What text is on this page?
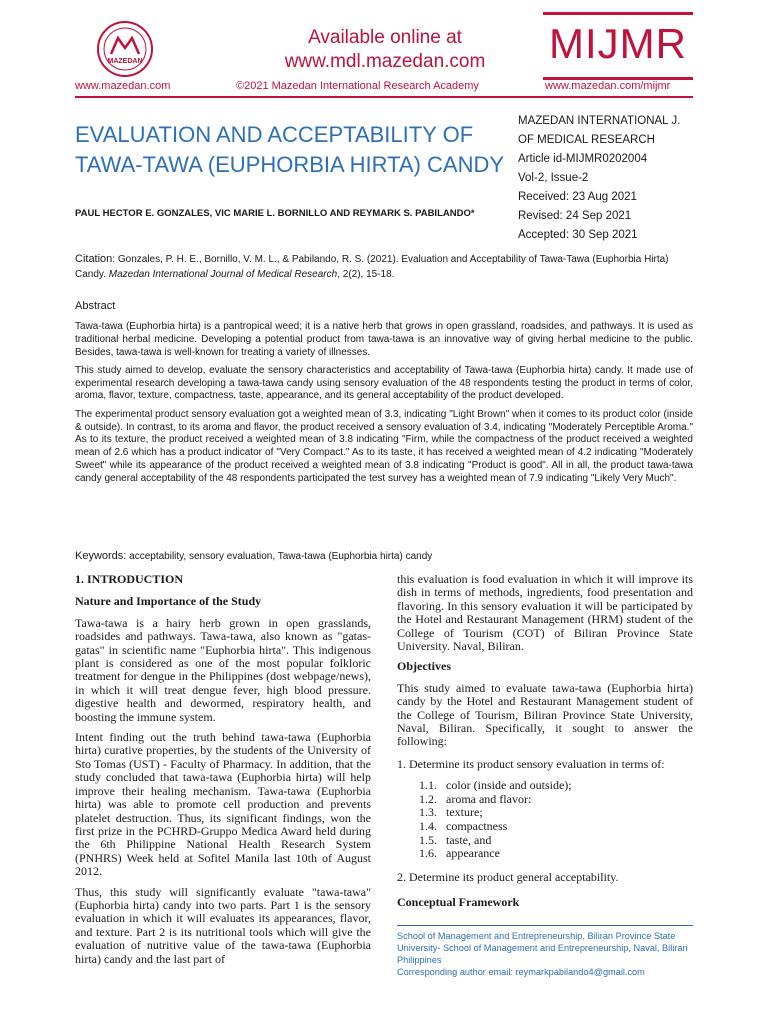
MAZEDAN
Available online at
www.mdl.mazedan.com	MIJMR
www.mazedan.com	©2021 Mazedan International Research Academy	www.mazedan.com/mijmr
EVALUATION AND ACCEPTABILITY OF TAWA-TAWA (EUPHORBIA HIRTA) CANDY
PAUL HECTOR E. GONZALES, VIC MARIE L. BORNILLO AND REYMARK S. PABILANDO*
MAZEDAN INTERNATIONAL J.
OF MEDICAL RESEARCH
Article id-MIJMR0202004
Vol-2, Issue-2
Received: 23 Aug 2021
Revised: 24 Sep 2021
Accepted: 30 Sep 2021
Citation: Gonzales, P. H. E., Bornillo, V. M. L., & Pabilando, R. S. (2021). Evaluation and Acceptability of Tawa-Tawa (Euphorbia Hirta) Candy. Mazedan International Journal of Medical Research, 2(2), 15-18.
Abstract

Tawa-tawa (Euphorbia hirta) is a pantropical weed; it is a native herb that grows in open grassland, roadsides, and pathways. It is used as traditional herbal medicine. Developing a potential product from tawa-tawa is an innovative way of giving herbal medicine to the public. Besides, tawa-tawa is well-known for treating a variety of illnesses.

This study aimed to develop, evaluate the sensory characteristics and acceptability of Tawa-tawa (Euphorbia hirta) candy. It made use of experimental research developing a tawa-tawa candy using sensory evaluation of the 48 respondents testing the product in terms of color, aroma, flavor, texture, compactness, taste, appearance, and its general acceptability of the product developed.

The experimental product sensory evaluation got a weighted mean of 3.3, indicating "Light Brown" when it comes to its product color (inside & outside). In contrast, to its aroma and flavor, the product received a sensory evaluation of 3.4, indicating "Moderately Perceptible Aroma." As to its texture, the product received a weighted mean of 3.8 indicating "Firm, while the compactness of the product received a weighted mean of 2.6 which has a product indicator of "Very Compact." As to its taste, it has received a weighted mean of 4.2 indicating "Moderately Sweet" while its appearance of the product received a weighted mean of 3.8 indicating "Product is good". All in all, the product tawa-tawa candy general acceptability of the 48 respondents participated the test survey has a weighted mean of 7.9 indicating "Likely Very Much".

Keywords: acceptability, sensory evaluation, Tawa-tawa (Euphorbia hirta) candy
1. INTRODUCTION
Nature and Importance of the Study

Tawa-tawa is a hairy herb grown in open grasslands, roadsides and pathways. Tawa-tawa, also known as "gatas-gatas" in scientific name "Euphorbia hirta". This indigenous plant is considered as one of the most popular folkloric treatment for dengue in the Philippines (dost webpage/news), in which it will treat dengue fever, high blood pressure. digestive health and dewormed, respiratory health, and boosting the immune system.

Intent finding out the truth behind tawa-tawa (Euphorbia hirta) curative properties, by the students of the University of Sto Tomas (UST) - Faculty of Pharmacy. In addition, that the study concluded that tawa-tawa (Euphorbia hirta) will help improve their healing mechanism. Tawa-tawa (Euphorbia hirta) was able to promote cell production and prevents platelet destruction. Thus, its significant findings, won the first prize in the PCHRD-Gruppo Medica Award held during the 6th Philippine National Health Research System (PNHRS) Week held at Sofitel Manila last 10th of August 2012.

Thus, this study will significantly evaluate "tawa-tawa" (Euphorbia hirta) candy into two parts. Part 1 is the sensory evaluation in which it will evaluates its appearances, flavor, and texture. Part 2 is its nutritional tools which will give the evaluation of nutritive value of the tawa-tawa (Euphorbia hirta) candy and the last part of

this evaluation is food evaluation in which it will improve its dish in terms of methods, ingredients, food presentation and flavoring. In this sensory evaluation it will be participated by the Hotel and Restaurant Management (HRM) student of the College of Tourism (COT) of Biliran Province State University. Naval, Biliran.

Objectives

This study aimed to evaluate tawa-tawa (Euphorbia hirta) candy by the Hotel and Restaurant Management student of the College of Tourism, Biliran Province State University, Naval, Biliran. Specifically, it sought to answer the following:

1. Determine its product sensory evaluation in terms of:
1.1. color (inside and outside);
1.2. aroma and flavor:
1.3. texture;
1.4. compactness
1.5. taste, and
1.6. appearance
2. Determine its product general acceptability.
Conceptual Framework
School of Management and Entrepreneurship, Biliran Province State University- School of Management and Entrepreneurship, Naval, Biliran Philippines
Corresponding author email: reymarkpabilando4@gmail.com
